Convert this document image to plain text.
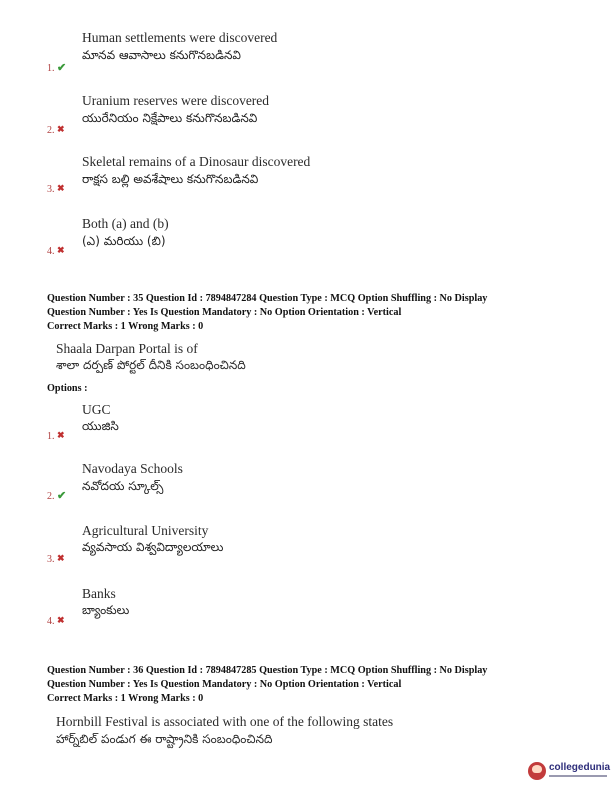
Human settlements were discovered
మానవ ఆవాసాలు కనుగొనబడినవి
1. ✔
Uranium reserves were discovered
యురేనియం నిక్షేపాలు కనుగొనబడినవి
2. ✖
Skeletal remains of a Dinosaur discovered
రాక్షస బల్లి అవశేషాలు కనుగొనబడినవి
3. ✖
Both (a) and (b)
(ఎ) మరియు (బి)
4. ✖
Question Number : 35 Question Id : 7894847284 Question Type : MCQ Option Shuffling : No Display
Question Number : Yes Is Question Mandatory : No Option Orientation : Vertical
Correct Marks : 1 Wrong Marks : 0
Shaala Darpan Portal is of
శాలా దర్పణ్ పోర్టల్ దీనికి సంబంధించినది
Options :
UGC
యుజిసి
1. ✖
Navodaya Schools
నవోదయ స్కూల్స్
2. ✔
Agricultural University
వ్యవసాయ విశ్వవిద్యాలయాలు
3. ✖
Banks
బ్యాంకులు
4. ✖
Question Number : 36 Question Id : 7894847285 Question Type : MCQ Option Shuffling : No Display
Question Number : Yes Is Question Mandatory : No Option Orientation : Vertical
Correct Marks : 1 Wrong Marks : 0
Hornbill Festival is associated with one of the following states
హార్న్‌బిల్ పండుగ ఈ రాష్ట్రానికి సంబంధించినది
collegedunia
